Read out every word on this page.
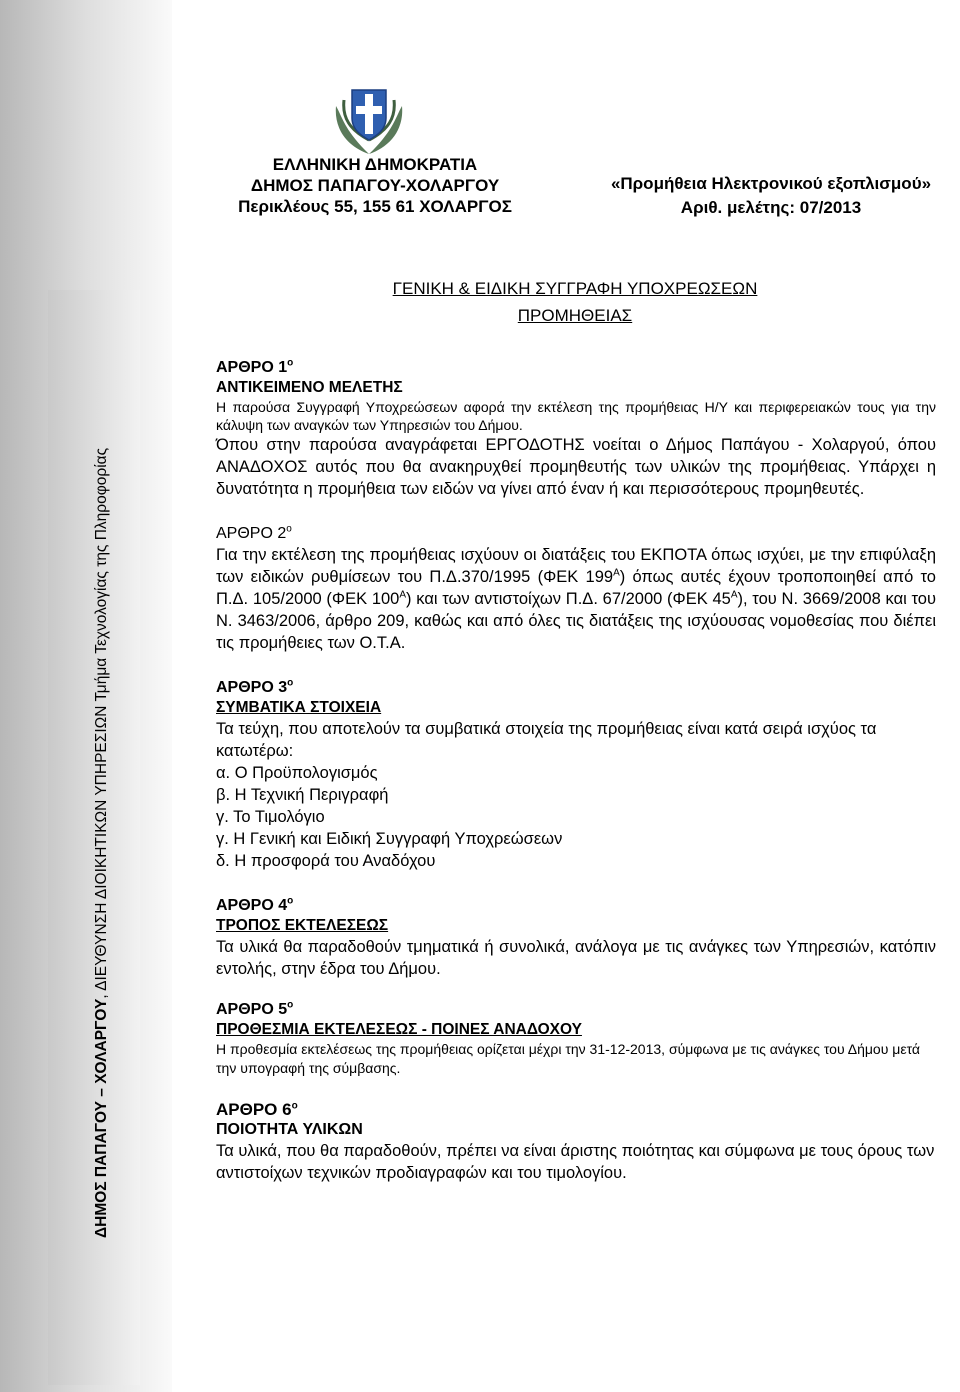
ΔΗΜΟΣ ΠΑΠΑΓΟΥ – ΧΟΛΑΡΓΟΥ, ΔΙΕΥΘΥΝΣΗ ΔΙΟΙΚΗΤΙΚΩΝ ΥΠΗΡΕΣΙΩΝ Τμήμα Τεχνολογίας της Πληροφορίας
ΕΛΛΗΝΙΚΗ ΔΗΜΟΚΡΑΤΙΑ
ΔΗΜΟΣ ΠΑΠΑΓΟΥ-ΧΟΛΑΡΓΟΥ
Περικλέους 55, 155 61 ΧΟΛΑΡΓΟΣ
«Προμήθεια Ηλεκτρονικού εξοπλισμού»
Αριθ. μελέτης: 07/2013
ΓΕΝΙΚΗ & ΕΙΔΙΚΗ ΣΥΓΓΡΑΦΗ ΥΠΟΧΡΕΩΣΕΩΝ
ΠΡΟΜΗΘΕΙΑΣ

ΑΡΘΡΟ $1^o$

ΑΝΤΙΚΕΙΜΕΝΟ ΜΕΛΕΤΗΣ

Η παρούσα Συγγραφή Υποχρεώσεων αφορά την εκτέλεση της προμήθειας Η/Υ και περιφερειακών τους για την κάλυψη των αναγκών των Υπηρεσιών του Δήμου.

Όπου στην παρούσα αναγράφεται ΕΡΓΟΔΟΤΗΣ νοείται ο Δήμος Παπάγου - Χολαργού, όπου ΑΝΑΔΟΧΟΣ αυτός που θα ανακηρυχθεί προμηθευτής των υλικών της προμήθειας. Υπάρχει η δυνατότητα η προμήθεια των ειδών να γίνει από έναν ή και περισσότερους προμηθευτές.

ΑΡΘΡΟ $2^o$

Για την εκτέλεση της προμήθειας ισχύουν οι διατάξεις του ΕΚΠΟΤΑ όπως ισχύει, με την επιφύλαξη των ειδικών ρυθμίσεων του Π.Δ.370/1995 (ΦΕΚ $199^A$) όπως αυτές έχουν τροποποιηθεί από το Π.Δ. 105/2000 (ΦΕΚ $100^A$) και των αντιστοίχων Π.Δ. 67/2000 (ΦΕΚ $45^A$), του Ν. 3669/2008 και του Ν. 3463/2006, άρθρο 209, καθώς και από όλες τις διατάξεις της ισχύουσας νομοθεσίας που διέπει τις προμήθειες των Ο.Τ.Α.

ΑΡΘΡΟ $3^o$

ΣΥΜΒΑΤΙΚΑ ΣΤΟΙΧΕΙΑ

Τα τεύχη, που αποτελούν τα συμβατικά στοιχεία της προμήθειας είναι κατά σειρά ισχύος τα κατωτέρω:

α. Ο Προϋπολογισμός

β. Η Τεχνική Περιγραφή

γ. Το Τιμολόγιο

γ. Η Γενική και Ειδική Συγγραφή Υποχρεώσεων

δ. Η προσφορά του Αναδόχου

ΑΡΘΡΟ $4^o$

ΤΡΟΠΟΣ ΕΚΤΕΛΕΣΕΩΣ

Τα υλικά θα παραδοθούν τμηματικά ή συνολικά, ανάλογα με τις ανάγκες των Υπηρεσιών, κατόπιν εντολής, στην έδρα του Δήμου.

ΑΡΘΡΟ $5^o$

ΠΡΟΘΕΣΜΙΑ ΕΚΤΕΛΕΣΕΩΣ - ΠΟΙΝΕΣ ΑΝΑΔΟΧΟΥ

Η προθεσμία εκτελέσεως της προμήθειας ορίζεται μέχρι την 31-12-2013, σύμφωνα με τις ανάγκες του Δήμου μετά την υπογραφή της σύμβασης.

ΑΡΘΡΟ $6^o$

ΠΟΙΟΤΗΤΑ ΥΛΙΚΩΝ

Τα υλικά, που θα παραδοθούν, πρέπει να είναι άριστης ποιότητας και σύμφωνα με τους όρους των αντιστοίχων τεχνικών προδιαγραφών και του τιμολογίου.
